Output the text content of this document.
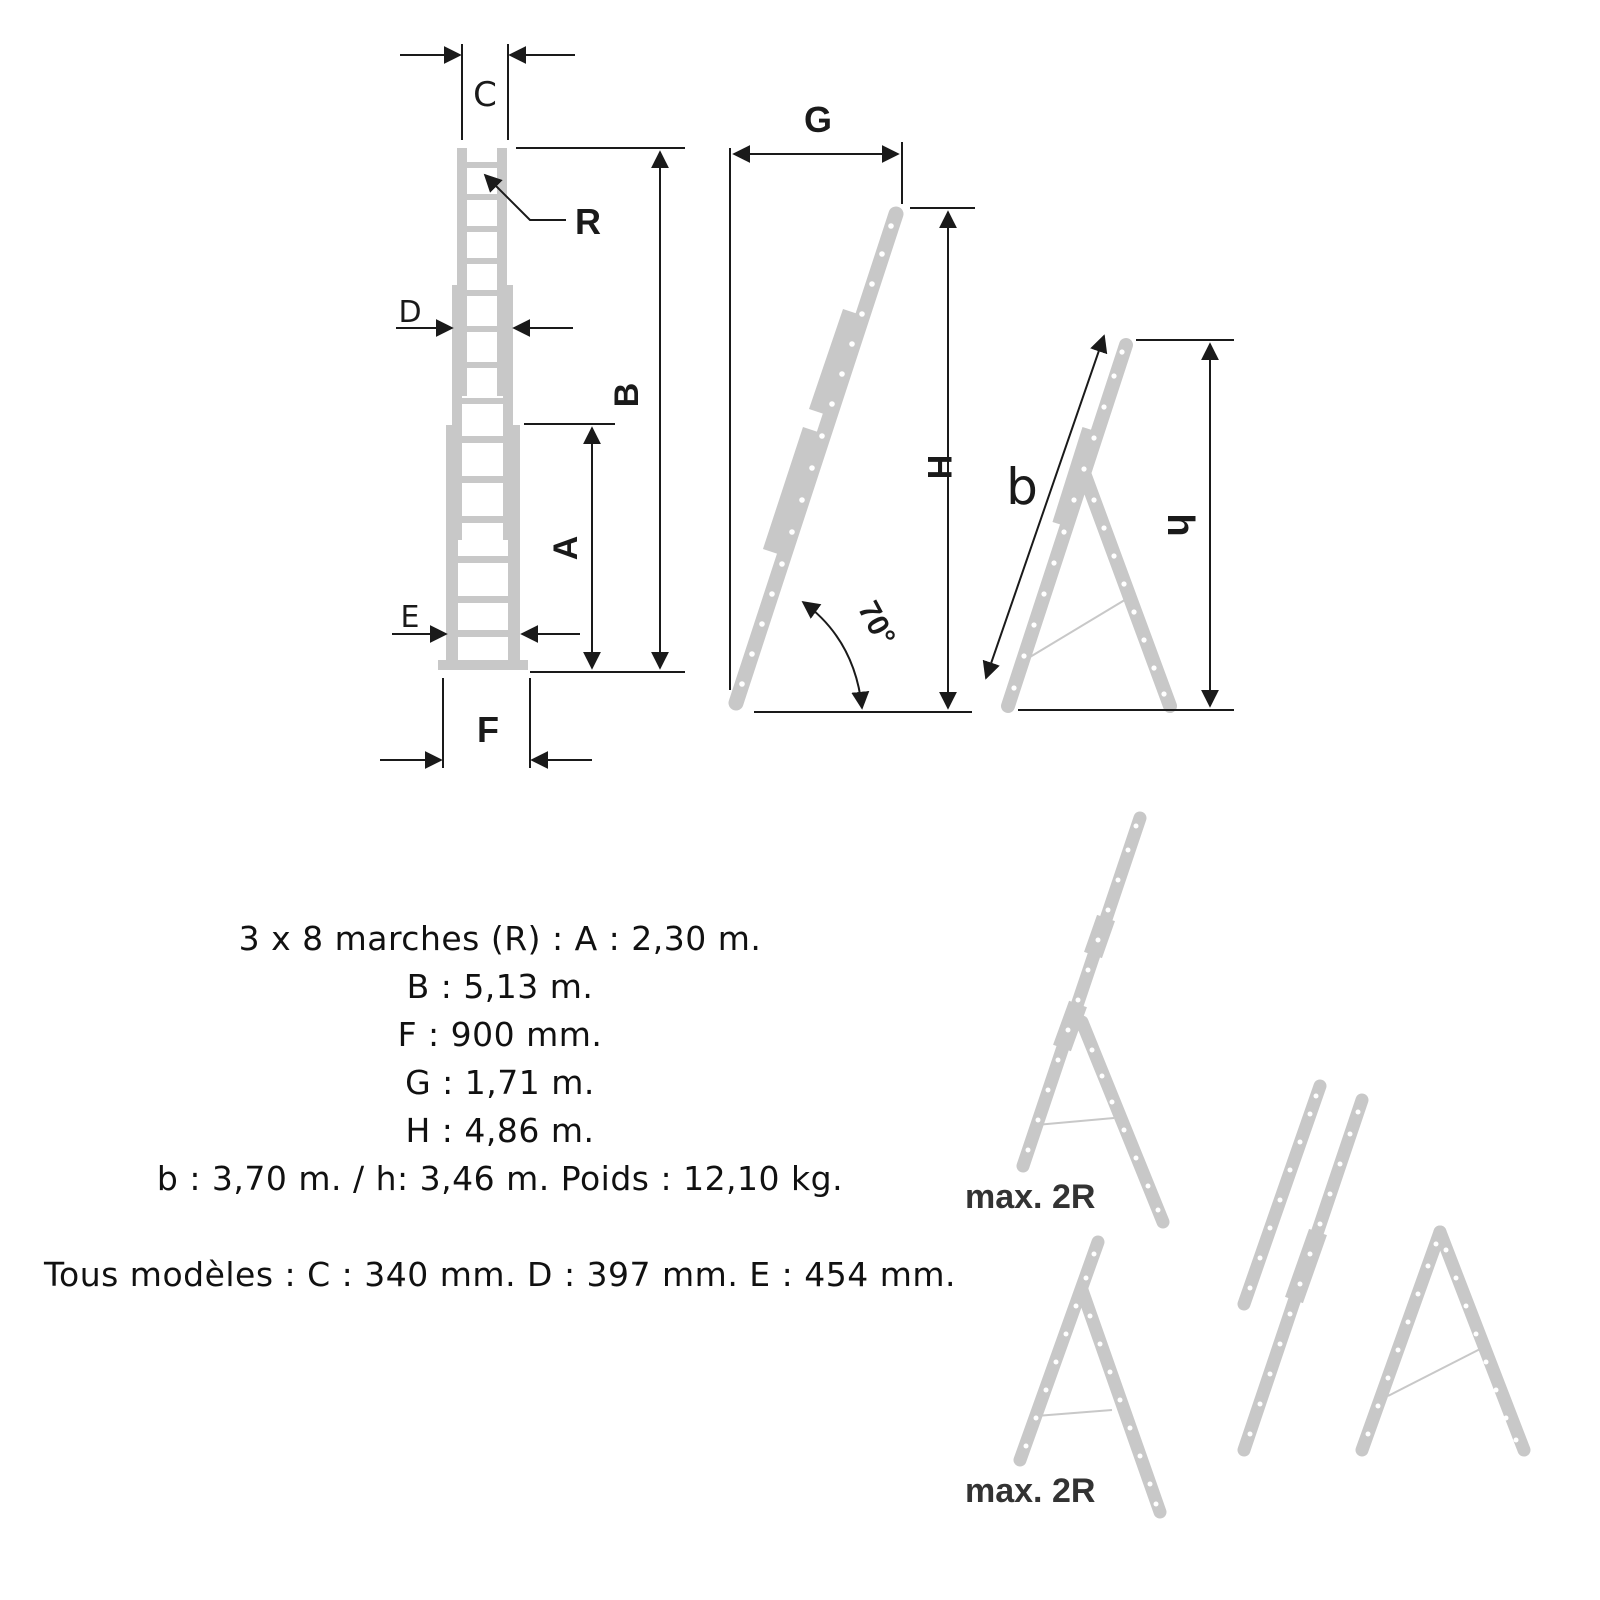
C
R
D
B
A
E
F
G
H
70°
b
h
max. 2R
max. 2R
3 x 8 marches (R) : A : 2,30 m.
B : 5,13 m.
F : 900 mm.
G : 1,71 m.
H : 4,86 m.
b : 3,70 m. / h: 3,46 m. Poids : 12,10 kg.
Tous modèles : C : 340 mm. D : 397 mm. E : 454 mm.
